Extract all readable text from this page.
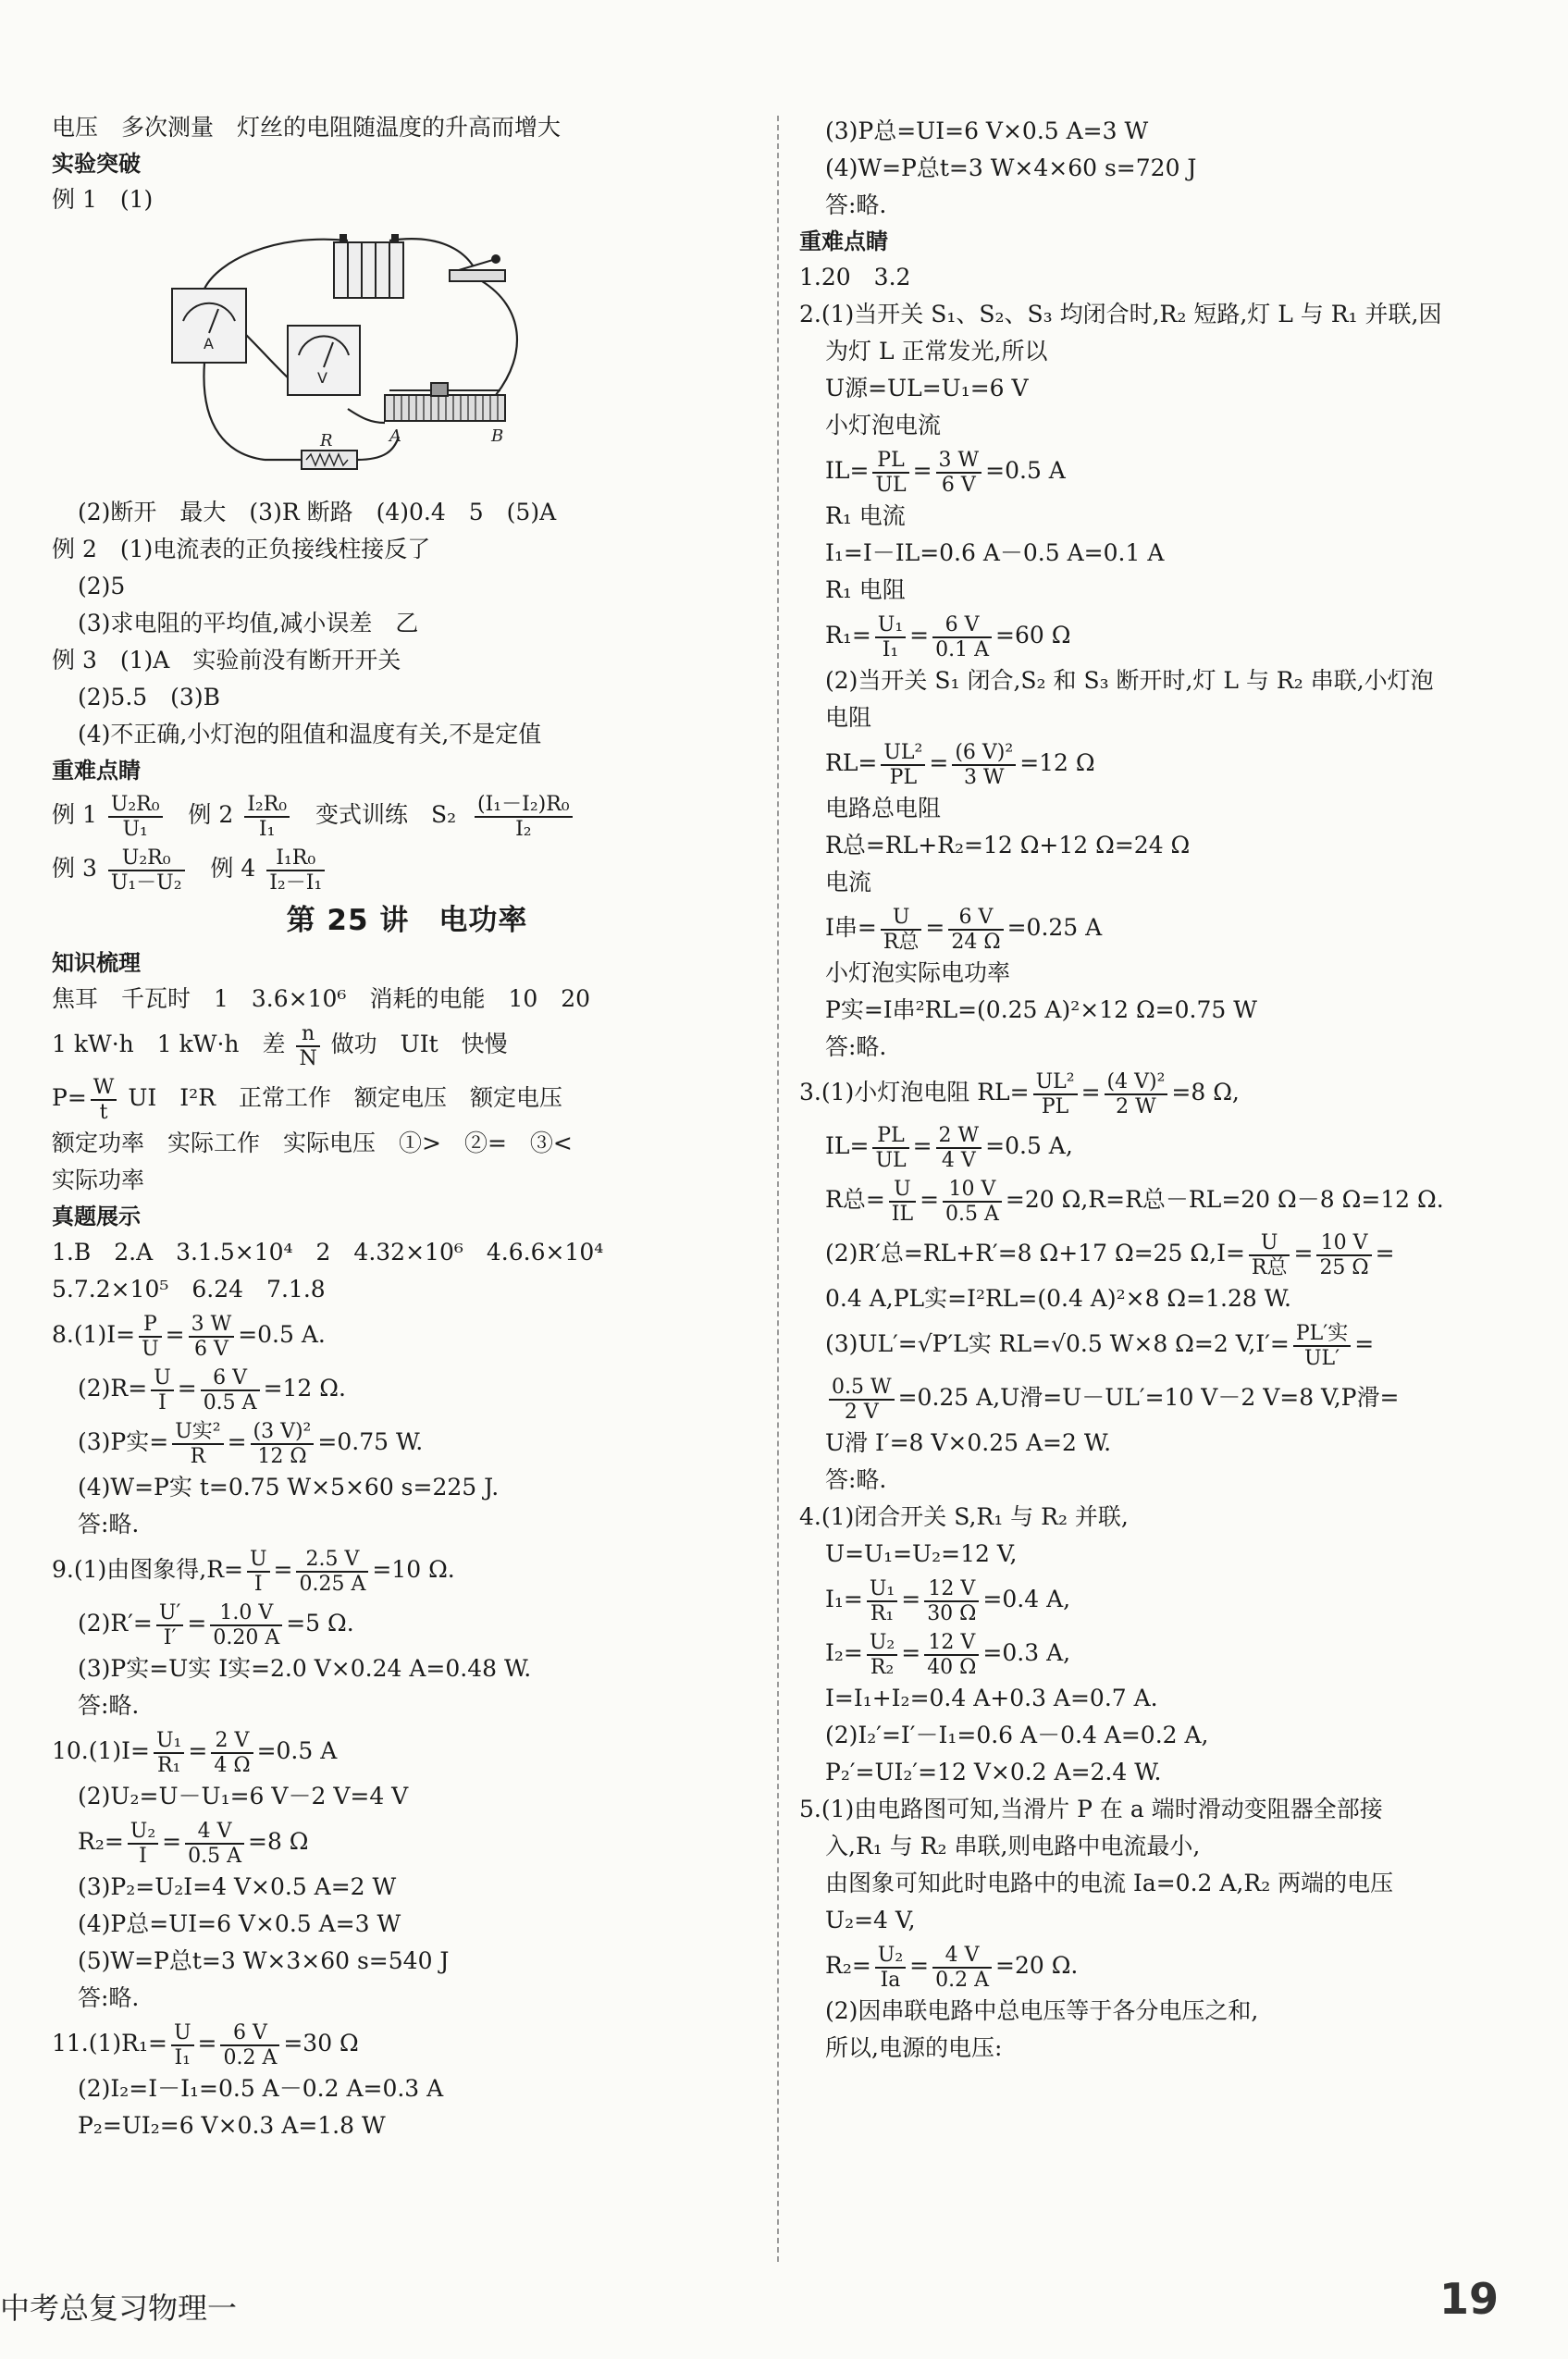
电压　多次测量　灯丝的电阻随温度的升高而增大
实验突破
例 1　(1)
A
V
R	A	B
(2)断开　最大　(3)R 断路　(4)0.4　5　(5)A
例 2　(1)电流表的正负接线柱接反了
(2)5
(3)求电阻的平均值,减小误差　乙
例 3　(1)A　实验前没有断开开关
(2)5.5　(3)B
(4)不正确,小灯泡的阻值和温度有关,不是定值
重难点睛
例 $1 \frac{\text{U₂R₀}}{\text{U₁}}$ 例 $2 \frac{\text{I₂R₀}}{\text{I₁}}$ 变式训练　$S_2 \frac{\text{(I₁－I₂)R₀}}{\text{I₂}}$
例 $3 \frac{\text{U₂R₀}}{\text{U₁－U₂}}$ 例 $4 \frac{\text{I₁R₀}}{\text{I₂－I₁}}$
第 25 讲　电功率
知识梳理
焦耳　千瓦时　1　3.6×10⁶　消耗的电能　10　20
1 kW·h　1 kW·h　差 $\frac{n}{N}$ 做功　UIt　快慢
$P= \frac{W}{t}$ UI　I²R　正常工作　额定电压　额定电压
额定功率　实际工作　实际电压　①>　②=　③<
实际功率
真题展示
1.B　2.A　3.1.5×10⁴　2　4.32×10⁶　4.6.6×10⁴
5.7.2×10⁵　6.24　7.1.8
$8.(1)I= \frac{P}{U} = \frac{3 W}{6 V} =0.5$ A.
$(2)R= \frac{U}{I} = \frac{6 V}{0.5 A} =12$ Ω.
(3)P实= U实²
R
= $\frac{\text{(3 V)²}}{12 \Omega} =0.75$ W.
(4)W=P实 t=0.75 W×5×60 s=225 J.
答:略.
9.(1)由图象得$,R= \frac{U}{I} = \frac{2.5 V}{0.25 A} =10$ Ω.
$(2)R'= \frac{U'}{I'} = \frac{1.0 V}{0.20 A} =5$ Ω.
(3)P实=U实 I实=2.0 V×0.24 A=0.48 W.
答:略.
$10.(1)I= \frac{\text{U₁}}{\text{R₁}} = \frac{2 V}{4 \Omega} =0.5$ A
(2)U₂=U－U₁=6 V－2 V=4 V
$R_2= \frac{\text{U₂}}{I} = \frac{4 V}{0.5 A} =8$ Ω
(3)P₂=U₂I=4 V×0.5 A=2 W
(4)P总=UI=6 V×0.5 A=3 W
(5)W=P总t=3 W×3×60 s=540 J
答:略.
$11.(1)R_1= \frac{U}{\text{I₁}} = \frac{6 V}{0.2 A} =30$ Ω
(2)I₂=I－I₁=0.5 A－0.2 A=0.3 A
P₂=UI₂=6 V×0.3 A=1.8 W
(3)P总=UI=6 V×0.5 A=3 W
(4)W=P总t=3 W×4×60 s=720 J
答:略.
重难点睛
1.20　3.2
2.(1)当开关 S₁、S₂、S₃ 均闭合时,R₂ 短路,灯 L 与 R₁ 并联,因
为灯 L 正常发光,所以
U源=UL=U₁=6 V
小灯泡电流
$IL= \frac{PL}{UL} = \frac{3 W}{6 V} =0.5$ A
R₁ 电流
I₁=I－IL=0.6 A－0.5 A=0.1 A
R₁ 电阻
$R_1= \frac{\text{U₁}}{\text{I₁}} = \frac{6 V}{0.1 A} =60$ Ω
(2)当开关 S₁ 闭合,S₂ 和 S₃ 断开时,灯 L 与 R₂ 串联,小灯泡
电阻
$RL= \frac{\text{UL²}}{PL} = \frac{\text{(6 V)²}}{3 W} =12$ Ω
电路总电阻
R总=RL+R₂=12 Ω+12 Ω=24 Ω
电流
I串= U
R总
= $\frac{6 V}{24 \Omega} =0.25$ A
小灯泡实际电功率
P实=I串²RL=(0.25 A)²×12 Ω=0.75 W
答:略.
3.(1)小灯泡电阻 $RL= \frac{\text{UL²}}{PL} = \frac{\text{(4 V)²}}{2 W} =8$ Ω,
$IL= \frac{PL}{UL} = \frac{2 W}{4 V} =0.5$ A,
R总= $\frac{U}{IL} = \frac{10 V}{0.5 A} =20$ Ω,R=R总－RL=20 Ω－8 Ω=12 Ω.
(2)R′总=RL+R′=8 Ω+17 Ω=25 Ω,I= U
R总
= $\frac{10 V}{25 \Omega}$ =
0.4 A,PL实=I²RL=(0.4 A)²×8 Ω=1.28 W.
(3)UL′=√P′L实 RL=√0.5 W×8 Ω=2 V,I′= PL′实
UL′
=
$\frac{0.5 W}{2 V} =0.25$ A,U滑=U－UL′=10 V－2 V=8 V,P滑=
U滑 I′=8 V×0.25 A=2 W.
答:略.
4.(1)闭合开关 S,R₁ 与 R₂ 并联,
U=U₁=U₂=12 V,
$I_1= \frac{\text{U₁}}{\text{R₁}} = \frac{12 V}{30 \Omega} =0.4$ A,
$I_2= \frac{\text{U₂}}{\text{R₂}} = \frac{12 V}{40 \Omega} =0.3$ A,
I=I₁+I₂=0.4 A+0.3 A=0.7 A.
(2)I₂′=I′－I₁=0.6 A－0.4 A=0.2 A,
P₂′=UI₂′=12 V×0.2 A=2.4 W.
5.(1)由电路图可知,当滑片 P 在 a 端时滑动变阻器全部接
入,R₁ 与 R₂ 串联,则电路中电流最小,
由图象可知此时电路中的电流 Ia=0.2 A,R₂ 两端的电压
U₂=4 V,
$R_2= \frac{\text{U₂}}{Ia} = \frac{4 V}{0.2 A} =20$ Ω.
(2)因串联电路中总电压等于各分电压之和,
所以,电源的电压:
中考总复习物理一	19
